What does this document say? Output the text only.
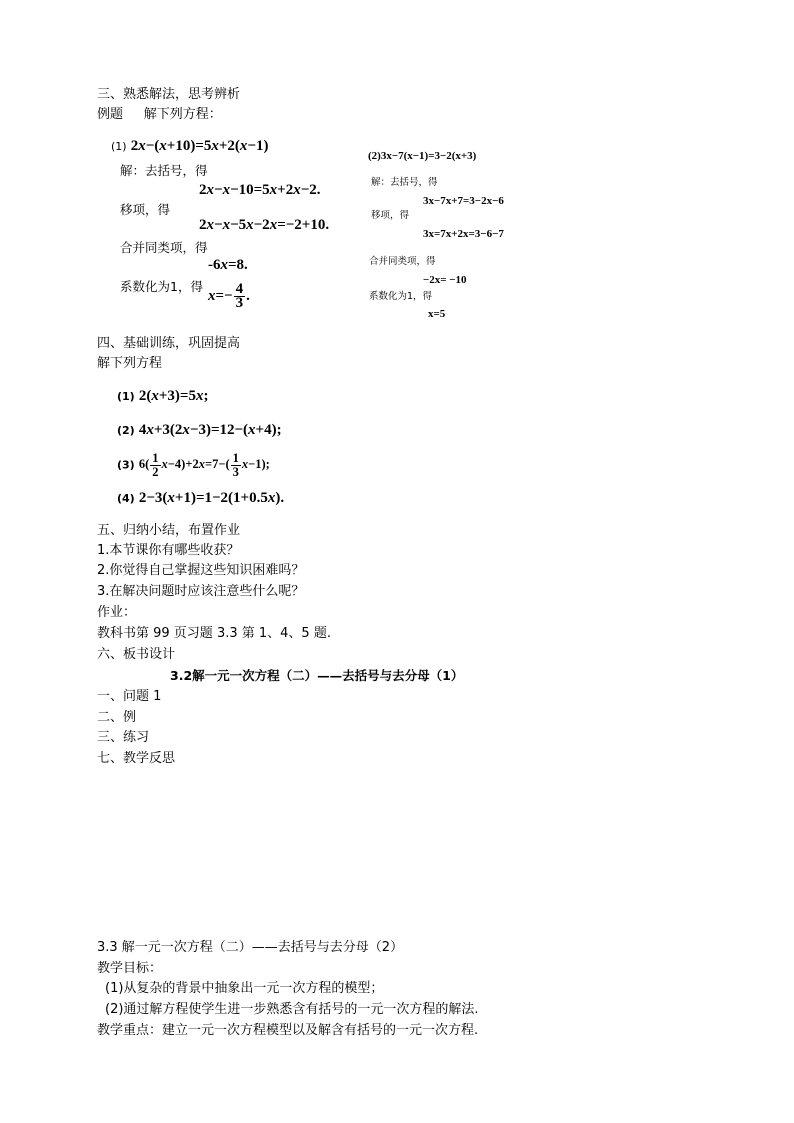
三、熟悉解法，思考辨析
例题 解下列方程：
(1) 2x−(x+10)=5x+2(x−1)
解：去括号，得
2x−x−10=5x+2x−2.
移项，得
2x−x−5x−2x=−2+10.
合并同类项，得
-6x=8.
系数化为1，得
$x=- \frac{4}{3}$ .
(2)3x−7(x−1)=3−2(x+3)
解：去括号，得
3x−7x+7=3−2x−6
移项，得
3x=7x+2x=3−6−7
合并同类项，得
−2x= −10
系数化为1，得
x=5
四、基础训练，巩固提高
解下列方程
(1) 2(x+3)=5x;
(2) 4x+3(2x−3)=12−(x+4);
(3) $6( \frac{1}{2} x-4)+2x=7-( \frac{1}{3} x-1)$;
(4) 2−3(x+1)=1−2(1+0.5x).
五、归纳小结，布置作业
1.本节课你有哪些收获？
2.你觉得自己掌握这些知识困难吗？
3.在解决问题时应该注意些什么呢？
作业：
教科书第 99 页习题 3.3 第 1、4、5 题.
六、板书设计
3.2解一元一次方程（二）——去括号与去分母（1）
一、问题 1
二、例
三、练习
七、教学反思
3.3 解一元一次方程（二）——去括号与去分母（2）
教学目标：
(1)从复杂的背景中抽象出一元一次方程的模型；
(2)通过解方程使学生进一步熟悉含有括号的一元一次方程的解法.
教学重点：建立一元一次方程模型以及解含有括号的一元一次方程.
